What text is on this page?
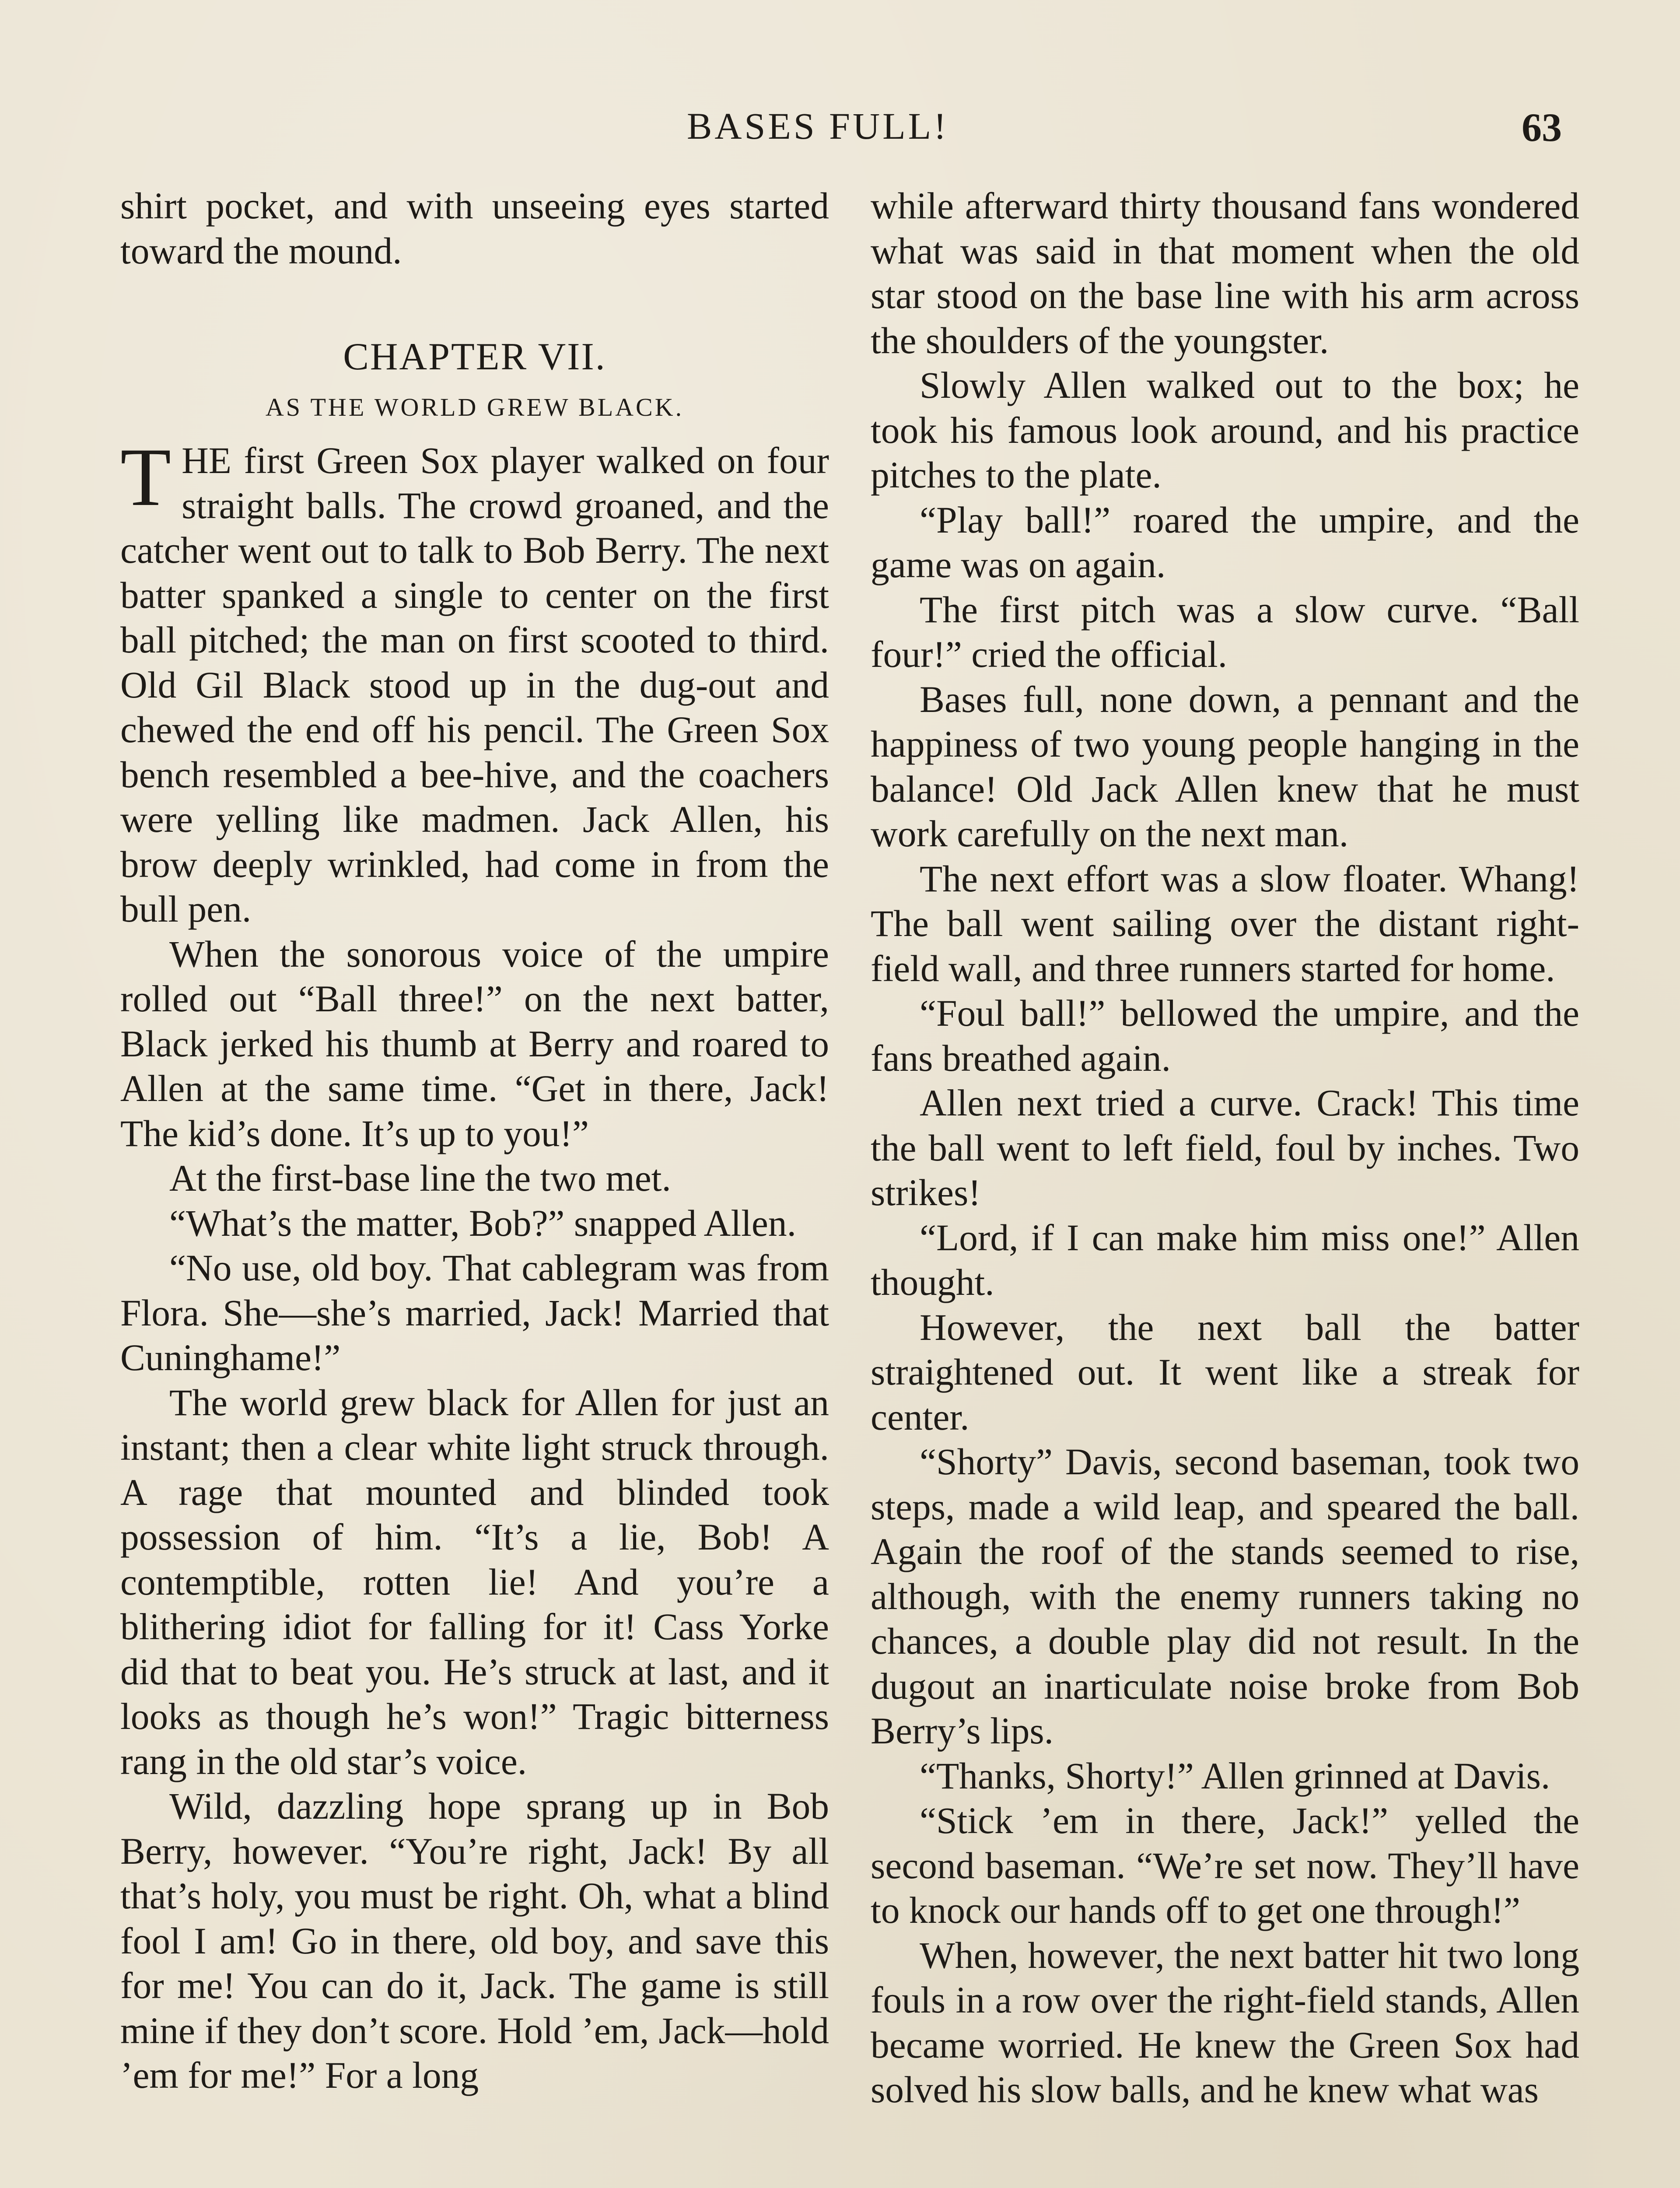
BASES FULL!	63

shirt pocket, and with unseeing eyes started toward the mound.

CHAPTER VII.
AS THE WORLD GREW BLACK.

THE first Green Sox player walked on four straight balls. The crowd groaned, and the catcher went out to talk to Bob Berry. The next batter spanked a single to center on the first ball pitched; the man on first scooted to third. Old Gil Black stood up in the dug-out and chewed the end off his pencil. The Green Sox bench resembled a bee-hive, and the coachers were yelling like madmen. Jack Allen, his brow deeply wrinkled, had come in from the bull pen.

When the sonorous voice of the umpire rolled out “Ball three!” on the next batter, Black jerked his thumb at Berry and roared to Allen at the same time. “Get in there, Jack! The kid’s done. It’s up to you!”

At the first-base line the two met.

“What’s the matter, Bob?” snapped Allen.

“No use, old boy. That cablegram was from Flora. She—she’s married, Jack! Married that Cuninghame!”

The world grew black for Allen for just an instant; then a clear white light struck through. A rage that mounted and blinded took possession of him. “It’s a lie, Bob! A contemptible, rotten lie! And you’re a blithering idiot for falling for it! Cass Yorke did that to beat you. He’s struck at last, and it looks as though he’s won!” Tragic bitterness rang in the old star’s voice.

Wild, dazzling hope sprang up in Bob Berry, however. “You’re right, Jack! By all that’s holy, you must be right. Oh, what a blind fool I am! Go in there, old boy, and save this for me! You can do it, Jack. The game is still mine if they don’t score. Hold ’em, Jack—hold ’em for me!” For a long

while afterward thirty thousand fans wondered what was said in that moment when the old star stood on the base line with his arm across the shoulders of the youngster.

Slowly Allen walked out to the box; he took his famous look around, and his practice pitches to the plate.

“Play ball!” roared the umpire, and the game was on again.

The first pitch was a slow curve. “Ball four!” cried the official.

Bases full, none down, a pennant and the happiness of two young people hanging in the balance! Old Jack Allen knew that he must work carefully on the next man.

The next effort was a slow floater. Whang! The ball went sailing over the distant right-field wall, and three runners started for home.

“Foul ball!” bellowed the umpire, and the fans breathed again.

Allen next tried a curve. Crack! This time the ball went to left field, foul by inches. Two strikes!

“Lord, if I can make him miss one!” Allen thought.

However, the next ball the batter straightened out. It went like a streak for center.

“Shorty” Davis, second baseman, took two steps, made a wild leap, and speared the ball. Again the roof of the stands seemed to rise, although, with the enemy runners taking no chances, a double play did not result. In the dugout an inarticulate noise broke from Bob Berry’s lips.

“Thanks, Shorty!” Allen grinned at Davis.

“Stick ’em in there, Jack!” yelled the second baseman. “We’re set now. They’ll have to knock our hands off to get one through!”

When, however, the next batter hit two long fouls in a row over the right-field stands, Allen became worried. He knew the Green Sox had solved his slow balls, and he knew what was
